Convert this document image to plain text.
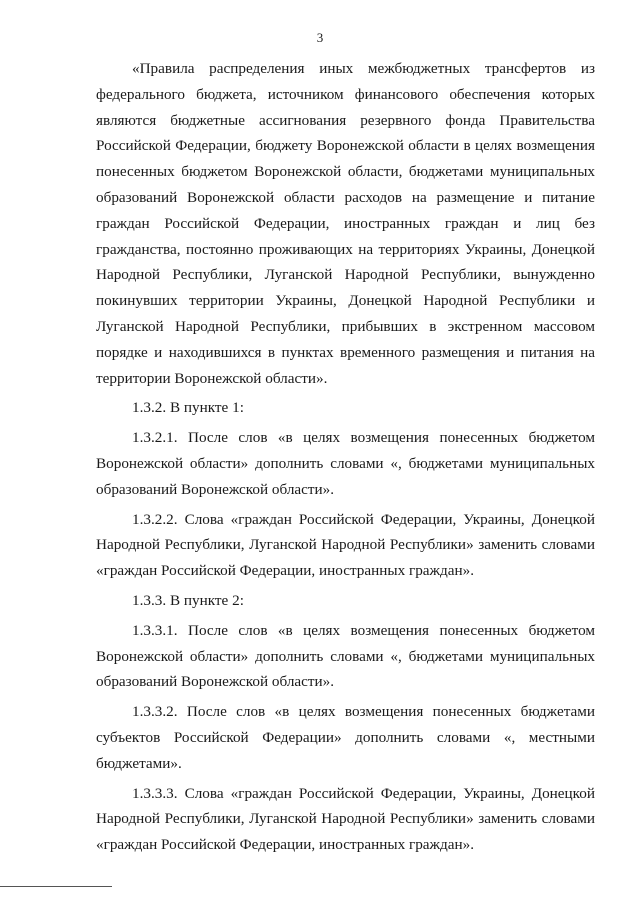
3

«Правила распределения иных межбюджетных трансфертов из
федерального бюджета, источником финансового обеспечения которых
являются бюджетные ассигнования резервного фонда Правительства
Российской Федерации, бюджету Воронежской области в целях возмещения
понесенных бюджетом Воронежской области, бюджетами муниципальных
образований Воронежской области расходов на размещение и питание
граждан Российской Федерации, иностранных граждан и лиц без
гражданства, постоянно проживающих на территориях Украины, Донецкой
Народной Республики, Луганской Народной Республики, вынужденно
покинувших территории Украины, Донецкой Народной Республики и
Луганской Народной Республики, прибывших в экстренном массовом
порядке и находившихся в пунктах временного размещения и питания на
территории Воронежской области».

1.3.2. В пункте 1:

1.3.2.1. После слов «в целях возмещения понесенных бюджетом
Воронежской области» дополнить словами «, бюджетами муниципальных
образований Воронежской области».

1.3.2.2. Слова «граждан Российской Федерации, Украины, Донецкой
Народной Республики, Луганской Народной Республики» заменить словами
«граждан Российской Федерации, иностранных граждан».

1.3.3. В пункте 2:

1.3.3.1. После слов «в целях возмещения понесенных бюджетом
Воронежской области» дополнить словами «, бюджетами муниципальных
образований Воронежской области».

1.3.3.2. После слов «в целях возмещения понесенных бюджетами
субъектов Российской Федерации» дополнить словами «, местными
бюджетами».

1.3.3.3. Слова «граждан Российской Федерации, Украины, Донецкой
Народной Республики, Луганской Народной Республики» заменить словами
«граждан Российской Федерации, иностранных граждан».
